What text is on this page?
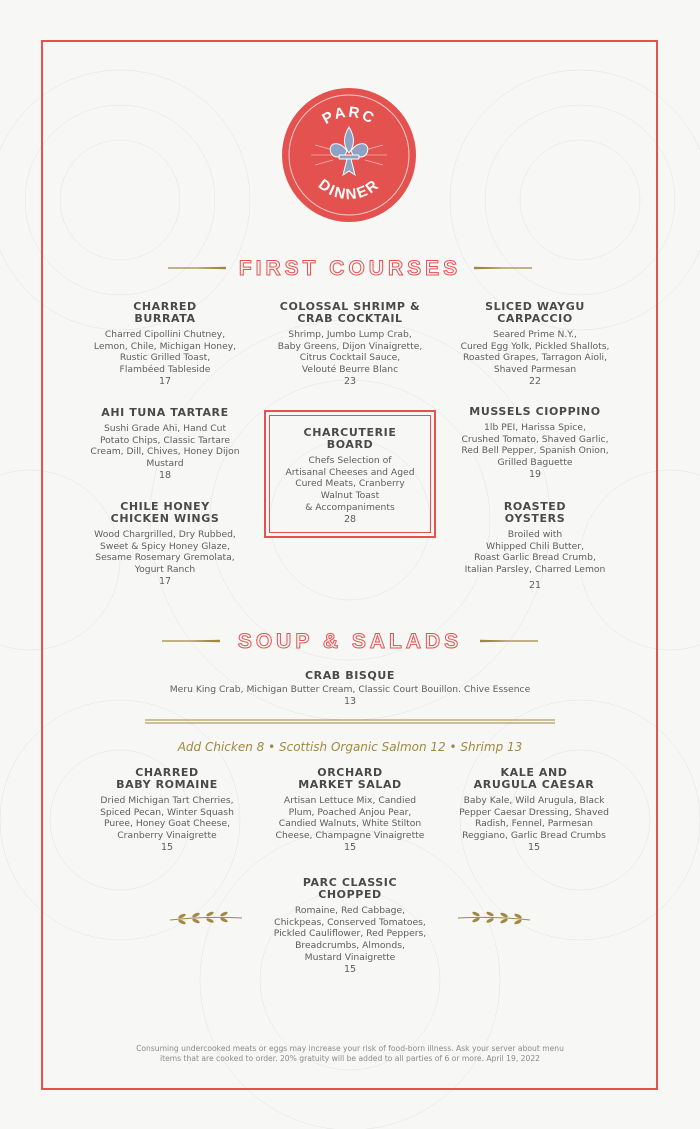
PARC
DINNER
FIRST COURSES
CHARRED
BURRATA
Charred Cipollini Chutney,
Lemon, Chile, Michigan Honey,
Rustic Grilled Toast,
Flambéed Tableside
17
COLOSSAL SHRIMP &
CRAB COCKTAIL
Shrimp, Jumbo Lump Crab,
Baby Greens, Dijon Vinaigrette,
Citrus Cocktail Sauce,
Velouté Beurre Blanc
23
SLICED WAYGU
CARPACCIO
Seared Prime N.Y.,
Cured Egg Yolk, Pickled Shallots,
Roasted Grapes, Tarragon Aioli,
Shaved Parmesan
22
AHI TUNA TARTARE
Sushi Grade Ahi, Hand Cut
Potato Chips, Classic Tartare
Cream, Dill, Chives, Honey Dijon
Mustard
18
CHARCUTERIE
BOARD
Chefs Selection of
Artisanal Cheeses and Aged
Cured Meats, Cranberry
Walnut Toast
& Accompaniments
28
MUSSELS CIOPPINO
1lb PEI, Harissa Spice,
Crushed Tomato, Shaved Garlic,
Red Bell Pepper, Spanish Onion,
Grilled Baguette
19
CHILE HONEY
CHICKEN WINGS
Wood Chargrilled, Dry Rubbed,
Sweet & Spicy Honey Glaze,
Sesame Rosemary Gremolata,
Yogurt Ranch
17
ROASTED
OYSTERS
Broiled with
Whipped Chili Butter,
Roast Garlic Bread Crumb,
Italian Parsley, Charred Lemon
21
SOUP & SALADS
CRAB BISQUE
Meru King Crab, Michigan Butter Cream, Classic Court Bouillon. Chive Essence
13
Add Chicken 8 • Scottish Organic Salmon 12 • Shrimp 13
CHARRED
BABY ROMAINE
Dried Michigan Tart Cherries,
Spiced Pecan, Winter Squash
Puree, Honey Goat Cheese,
Cranberry Vinaigrette
15
ORCHARD
MARKET SALAD
Artisan Lettuce Mix, Candied
Plum, Poached Anjou Pear,
Candied Walnuts, White Stilton
Cheese, Champagne Vinaigrette
15
KALE AND
ARUGULA CAESAR
Baby Kale, Wild Arugula, Black
Pepper Caesar Dressing, Shaved
Radish, Fennel, Parmesan
Reggiano, Garlic Bread Crumbs
15
PARC CLASSIC
CHOPPED
Romaine, Red Cabbage,
Chickpeas, Conserved Tomatoes,
Pickled Cauliflower, Red Peppers,
Breadcrumbs, Almonds,
Mustard Vinaigrette
15
Consuming undercooked meats or eggs may increase your risk of food-born illness. Ask your server about menu
items that are cooked to order. 20% gratuity will be added to all parties of 6 or more. April 19, 2022
